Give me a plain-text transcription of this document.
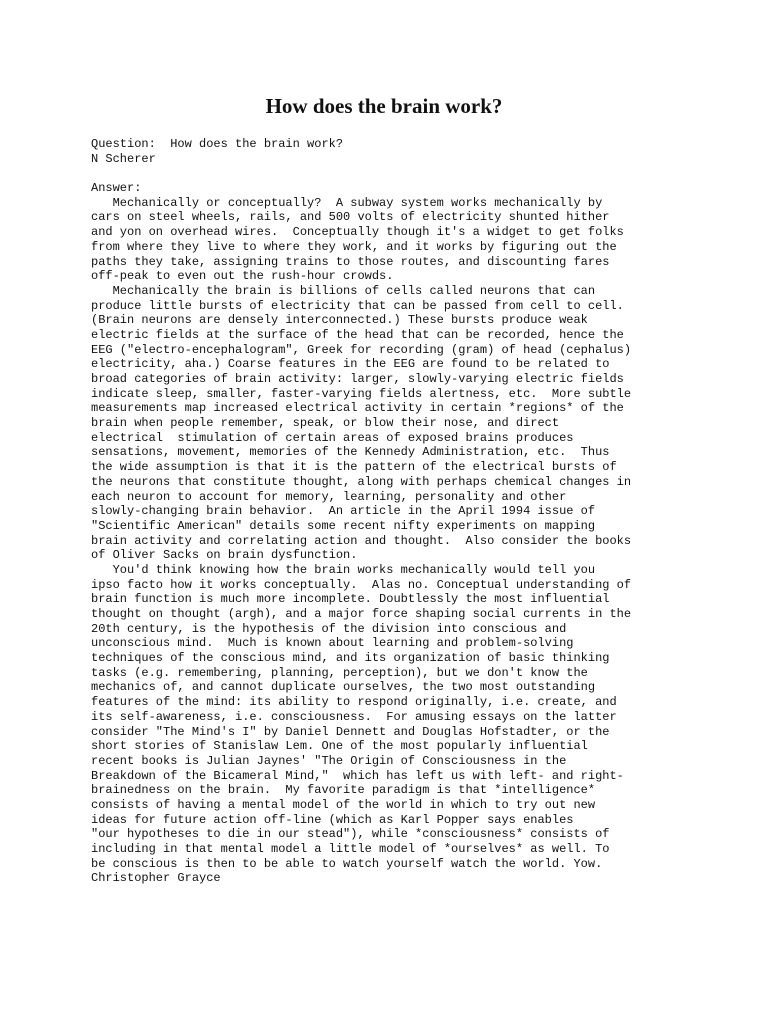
How does the brain work?
Question:  How does the brain work?
N Scherer
Answer:
Mechanically or conceptually?  A subway system works mechanically by
cars on steel wheels, rails, and 500 volts of electricity shunted hither
and yon on overhead wires.  Conceptually though it's a widget to get folks
from where they live to where they work, and it works by figuring out the
paths they take, assigning trains to those routes, and discounting fares
off-peak to even out the rush-hour crowds.
Mechanically the brain is billions of cells called neurons that can
produce little bursts of electricity that can be passed from cell to cell.
(Brain neurons are densely interconnected.) These bursts produce weak
electric fields at the surface of the head that can be recorded, hence the
EEG ("electro-encephalogram", Greek for recording (gram) of head (cephalus)
electricity, aha.) Coarse features in the EEG are found to be related to
broad categories of brain activity: larger, slowly-varying electric fields
indicate sleep, smaller, faster-varying fields alertness, etc.  More subtle
measurements map increased electrical activity in certain *regions* of the
brain when people remember, speak, or blow their nose, and direct
electrical  stimulation of certain areas of exposed brains produces
sensations, movement, memories of the Kennedy Administration, etc.  Thus
the wide assumption is that it is the pattern of the electrical bursts of
the neurons that constitute thought, along with perhaps chemical changes in
each neuron to account for memory, learning, personality and other
slowly-changing brain behavior.  An article in the April 1994 issue of
"Scientific American" details some recent nifty experiments on mapping
brain activity and correlating action and thought.  Also consider the books
of Oliver Sacks on brain dysfunction.
You'd think knowing how the brain works mechanically would tell you
ipso facto how it works conceptually.  Alas no. Conceptual understanding of
brain function is much more incomplete. Doubtlessly the most influential
thought on thought (argh), and a major force shaping social currents in the
20th century, is the hypothesis of the division into conscious and
unconscious mind.  Much is known about learning and problem-solving
techniques of the conscious mind, and its organization of basic thinking
tasks (e.g. remembering, planning, perception), but we don't know the
mechanics of, and cannot duplicate ourselves, the two most outstanding
features of the mind: its ability to respond originally, i.e. create, and
its self-awareness, i.e. consciousness.  For amusing essays on the latter
consider "The Mind's I" by Daniel Dennett and Douglas Hofstadter, or the
short stories of Stanislaw Lem. One of the most popularly influential
recent books is Julian Jaynes' "The Origin of Consciousness in the
Breakdown of the Bicameral Mind,"  which has left us with left- and right-
brainedness on the brain.  My favorite paradigm is that *intelligence*
consists of having a mental model of the world in which to try out new
ideas for future action off-line (which as Karl Popper says enables
"our hypotheses to die in our stead"), while *consciousness* consists of
including in that mental model a little model of *ourselves* as well. To
be conscious is then to be able to watch yourself watch the world. Yow.
Christopher Grayce
